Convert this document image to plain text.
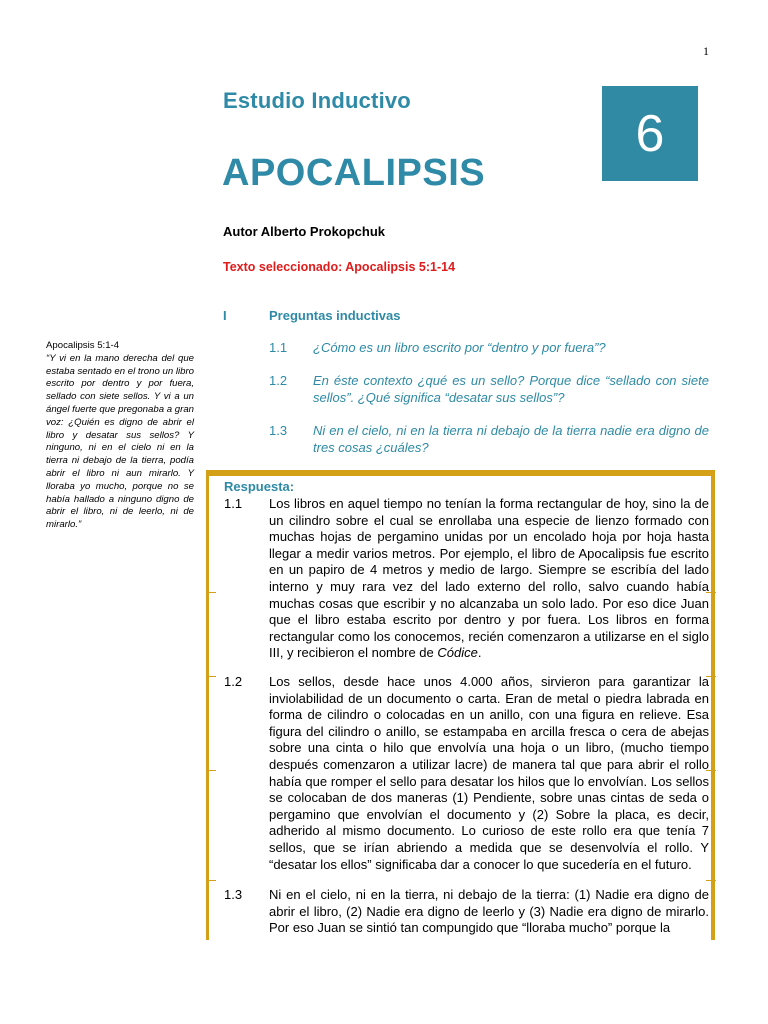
1
Estudio Inductivo
APOCALIPSIS
6
Autor Alberto Prokopchuk
Texto seleccionado: Apocalipsis 5:1-14
I	Preguntas inductivas
1.1 ¿Cómo es un libro escrito por “dentro y por fuera”?
1.2 En éste contexto ¿qué es un sello? Porque dice “sellado con siete sellos”. ¿Qué significa “desatar sus sellos”?
1.3 Ni en el cielo, ni en la tierra ni debajo de la tierra nadie era digno de tres cosas ¿cuáles?
Apocalipsis 5:1-4
“Y vi en la mano derecha del que estaba sentado en el trono un libro escrito por dentro y por fuera, sellado con siete sellos. Y vi a un ángel fuerte que pregonaba a gran voz: ¿Quién es digno de abrir el libro y desatar sus sellos? Y ninguno, ni en el cielo ni en la tierra ni debajo de la tierra, podía abrir el libro ni aun mirarlo. Y lloraba yo mucho, porque no se había hallado a ninguno digno de abrir el libro, ni de leerlo, ni de mirarlo.”
Respuesta:
1.1 Los libros en aquel tiempo no tenían la forma rectangular de hoy, sino la de un cilindro sobre el cual se enrollaba una especie de lienzo formado con muchas hojas de pergamino unidas por un encolado hoja por hoja hasta llegar a medir varios metros. Por ejemplo, el libro de Apocalipsis fue escrito en un papiro de 4 metros y medio de largo. Siempre se escribía del lado interno y muy rara vez del lado externo del rollo, salvo cuando había muchas cosas que escribir y no alcanzaba un solo lado. Por eso dice Juan que el libro estaba escrito por dentro y por fuera. Los libros en forma rectangular como los conocemos, recién comenzaron a utilizarse en el siglo III, y recibieron el nombre de Códice.
1.2 Los sellos, desde hace unos 4.000 años, sirvieron para garantizar la inviolabilidad de un documento o carta. Eran de metal o piedra labrada en forma de cilindro o colocadas en un anillo, con una figura en relieve. Esa figura del cilindro o anillo, se estampaba en arcilla fresca o cera de abejas sobre una cinta o hilo que envolvía una hoja o un libro, (mucho tiempo después comenzaron a utilizar lacre) de manera tal que para abrir el rollo había que romper el sello para desatar los hilos que lo envolvían. Los sellos se colocaban de dos maneras (1) Pendiente, sobre unas cintas de seda o pergamino que envolvían el documento y (2) Sobre la placa, es decir, adherido al mismo documento. Lo curioso de este rollo era que tenía 7 sellos, que se irían abriendo a medida que se desenvolvía el rollo. Y “desatar los ellos” significaba dar a conocer lo que sucedería en el futuro.
1.3 Ni en el cielo, ni en la tierra, ni debajo de la tierra: (1) Nadie era digno de abrir el libro, (2) Nadie era digno de leerlo y (3) Nadie era digno de mirarlo. Por eso Juan se sintió tan compungido que “lloraba mucho” porque la
